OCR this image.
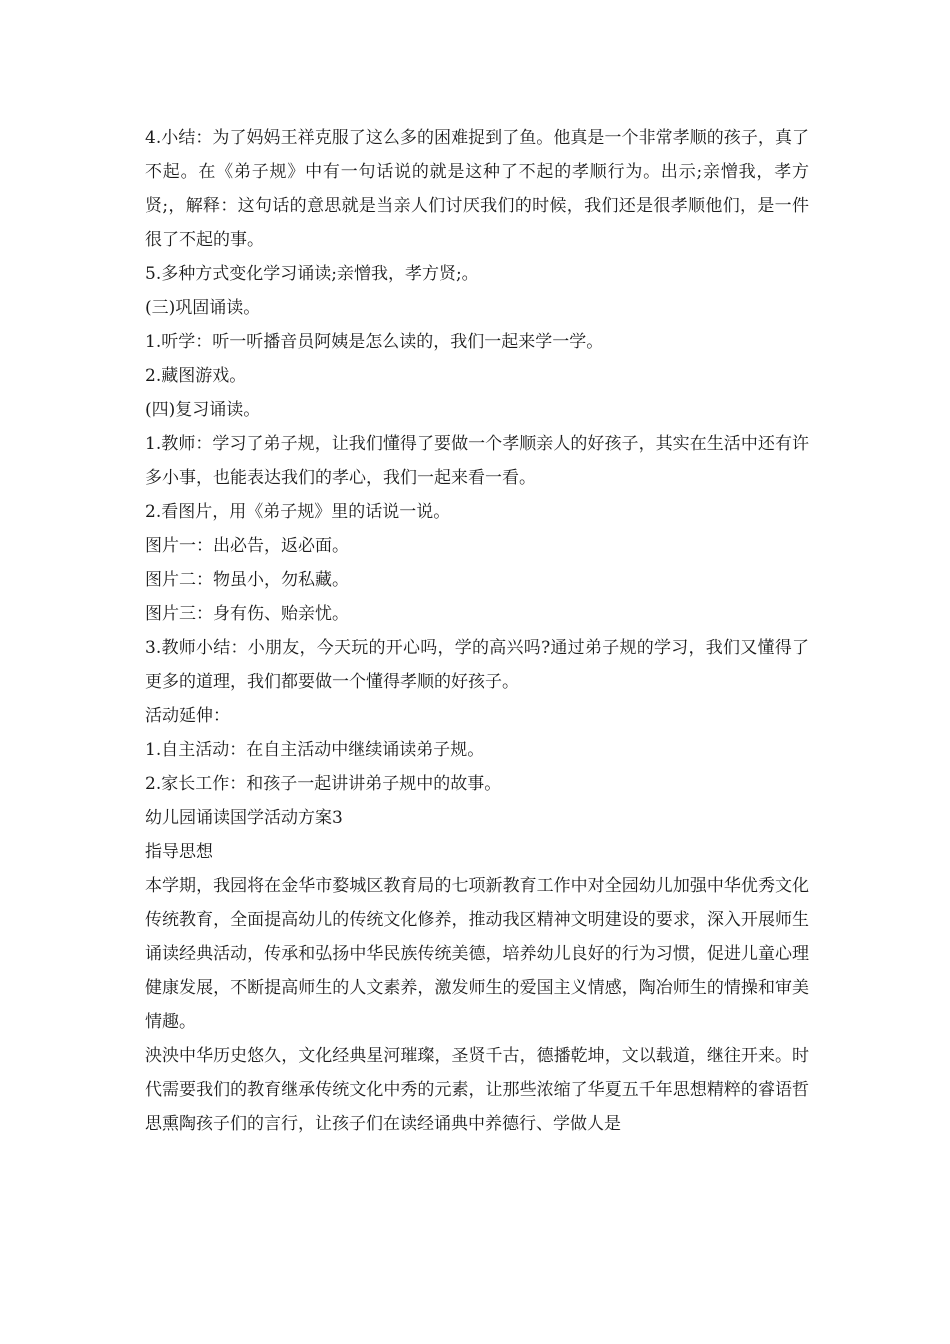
4.小结：为了妈妈王祥克服了这么多的困难捉到了鱼。他真是一个非常孝顺的孩子，真了不起。在《弟子规》中有一句话说的就是这种了不起的孝顺行为。出示;亲憎我，孝方贤;，解释：这句话的意思就是当亲人们讨厌我们的时候，我们还是很孝顺他们，是一件很了不起的事。

5.多种方式变化学习诵读;亲憎我，孝方贤;。

(三)巩固诵读。

1.听学：听一听播音员阿姨是怎么读的，我们一起来学一学。

2.藏图游戏。

(四)复习诵读。

1.教师：学习了弟子规，让我们懂得了要做一个孝顺亲人的好孩子，其实在生活中还有许多小事，也能表达我们的孝心，我们一起来看一看。

2.看图片，用《弟子规》里的话说一说。

图片一：出必告，返必面。

图片二：物虽小，勿私藏。

图片三：身有伤、贻亲忧。

3.教师小结：小朋友，今天玩的开心吗，学的高兴吗?通过弟子规的学习，我们又懂得了更多的道理，我们都要做一个懂得孝顺的好孩子。

活动延伸：

1.自主活动：在自主活动中继续诵读弟子规。

2.家长工作：和孩子一起讲讲弟子规中的故事。

幼儿园诵读国学活动方案3

指导思想

本学期，我园将在金华市婺城区教育局的七项新教育工作中对全园幼儿加强中华优秀文化传统教育，全面提高幼儿的传统文化修养，推动我区精神文明建设的要求，深入开展师生诵读经典活动，传承和弘扬中华民族传统美德，培养幼儿良好的行为习惯，促进儿童心理健康发展，不断提高师生的人文素养，激发师生的爱国主义情感，陶冶师生的情操和审美情趣。

泱泱中华历史悠久，文化经典星河璀璨，圣贤千古，德播乾坤，文以载道，继往开来。时代需要我们的教育继承传统文化中秀的元素，让那些浓缩了华夏五千年思想精粹的睿语哲思熏陶孩子们的言行，让孩子们在读经诵典中养德行、学做人是
